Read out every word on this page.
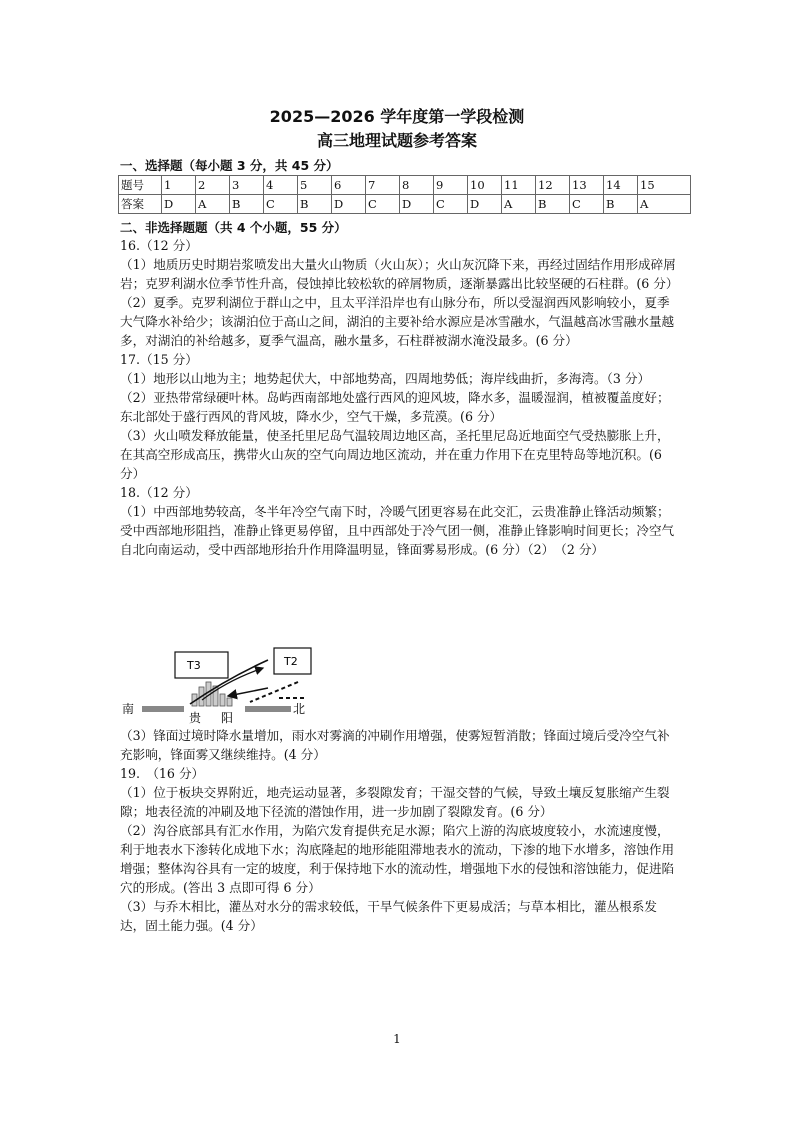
2025—2026 学年度第一学段检测
高三地理试题参考答案
一、选择题（每小题 3 分，共 45 分）
题号	1	2	3	4	5	6	7	8	9	10	11	12	13	14	15
答案	D	A	B	C	B	D	C	D	C	D	A	B	C	B	A
二、非选择题题（共 4 个小题，55 分）

16.（12 分）

（1）地质历史时期岩浆喷发出大量火山物质（火山灰）；火山灰沉降下来，再经过固结作用形成碎屑岩；克罗利湖水位季节性升高，侵蚀掉比较松软的碎屑物质，逐渐暴露出比较坚硬的石柱群。(6 分）

（2）夏季。克罗利湖位于群山之中，且太平洋沿岸也有山脉分布，所以受湿润西风影响较小，夏季大气降水补给少；该湖泊位于高山之间，湖泊的主要补给水源应是冰雪融水，气温越高冰雪融水量越多，对湖泊的补给越多，夏季气温高，融水量多，石柱群被湖水淹没最多。(6 分）

17.（15 分）

（1）地形以山地为主；地势起伏大，中部地势高，四周地势低；海岸线曲折，多海湾。（3 分）

（2）亚热带常绿硬叶林。岛屿西南部地处盛行西风的迎风坡，降水多，温暖湿润，植被覆盖度好；东北部处于盛行西风的背风坡，降水少，空气干燥，多荒漠。(6 分）

（3）火山喷发释放能量，使圣托里尼岛气温较周边地区高，圣托里尼岛近地面空气受热膨胀上升，在其高空形成高压，携带火山灰的空气向周边地区流动，并在重力作用下在克里特岛等地沉积。(6 分）

18.（12 分）

（1）中西部地势较高，冬半年冷空气南下时，冷暖气团更容易在此交汇，云贵准静止锋活动频繁；受中西部地形阻挡，准静止锋更易停留，且中西部处于冷气团一侧，准静止锋影响时间更长；冷空气自北向南运动，受中西部地形抬升作用降温明显，锋面雾易形成。(6 分）（2）　（2 分）

T3	T2
南
贵 阳
北

（3）锋面过境时降水量增加，雨水对雾滴的冲刷作用增强，使雾短暂消散；锋面过境后受冷空气补充影响，锋面雾又继续维持。(4 分）

19.　（16 分）

（1）位于板块交界附近，地壳运动显著，多裂隙发育；干湿交替的气候，导致土壤反复胀缩产生裂隙；地表径流的冲刷及地下径流的潜蚀作用，进一步加剧了裂隙发育。(6 分）

（2）沟谷底部具有汇水作用，为陷穴发育提供充足水源；陷穴上游的沟底坡度较小，水流速度慢，利于地表水下渗转化成地下水；沟底隆起的地形能阻滞地表水的流动，下渗的地下水增多，溶蚀作用增强；整体沟谷具有一定的坡度，利于保持地下水的流动性，增强地下水的侵蚀和溶蚀能力，促进陷穴的形成。(答出 3 点即可得 6 分）

（3）与乔木相比，灌丛对水分的需求较低，干旱气候条件下更易成活；与草本相比，灌丛根系发达，固土能力强。(4 分）

1
